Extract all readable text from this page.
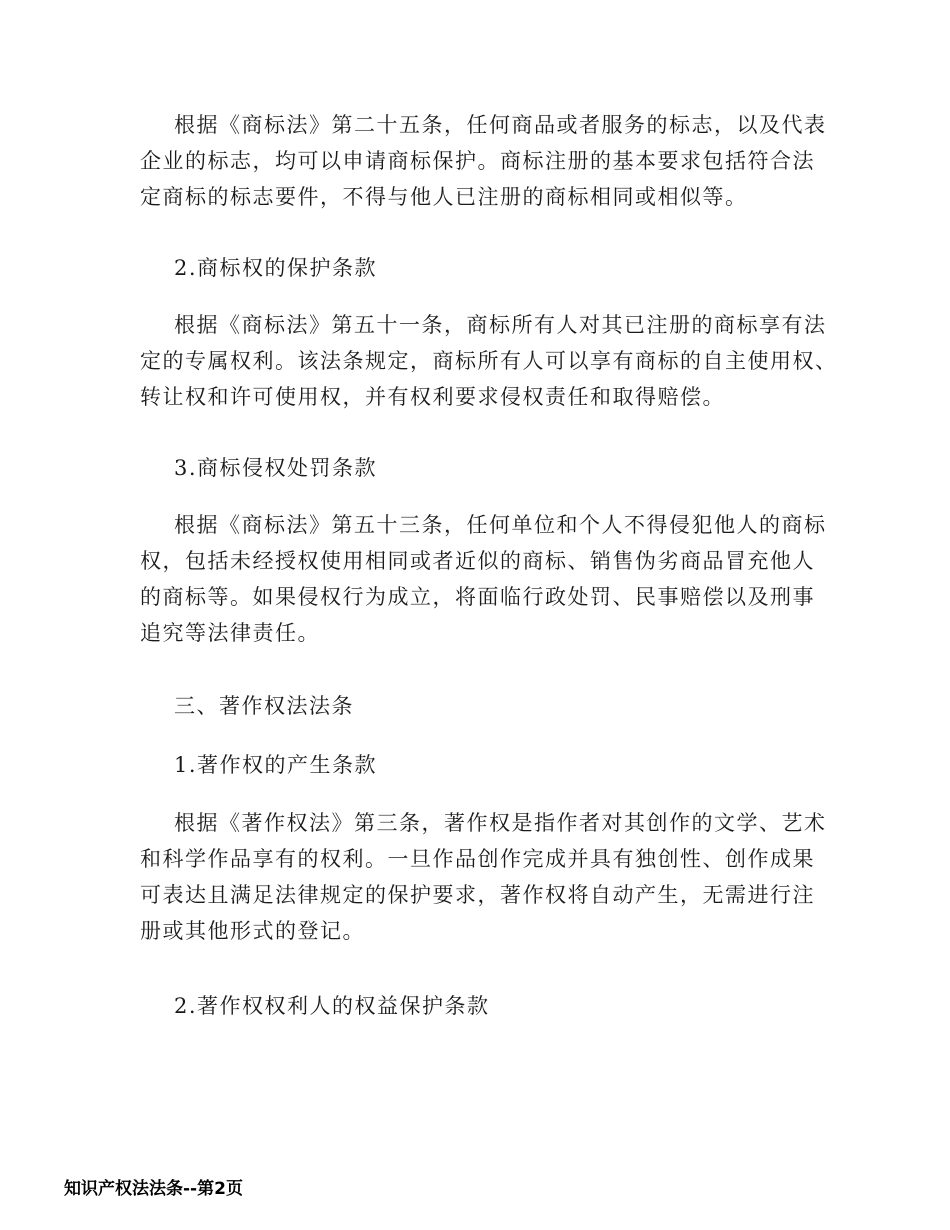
根据《商标法》第二十五条，任何商品或者服务的标志，以及代表
企业的标志，均可以申请商标保护。商标注册的基本要求包括符合法
定商标的标志要件，不得与他人已注册的商标相同或相似等。

2.商标权的保护条款

根据《商标法》第五十一条，商标所有人对其已注册的商标享有法
定的专属权利。该法条规定，商标所有人可以享有商标的自主使用权、
转让权和许可使用权，并有权利要求侵权责任和取得赔偿。

3.商标侵权处罚条款

根据《商标法》第五十三条，任何单位和个人不得侵犯他人的商标
权，包括未经授权使用相同或者近似的商标、销售伪劣商品冒充他人
的商标等。如果侵权行为成立，将面临行政处罚、民事赔偿以及刑事
追究等法律责任。

三、著作权法法条

1.著作权的产生条款

根据《著作权法》第三条，著作权是指作者对其创作的文学、艺术
和科学作品享有的权利。一旦作品创作完成并具有独创性、创作成果
可表达且满足法律规定的保护要求，著作权将自动产生，无需进行注
册或其他形式的登记。

2.著作权权利人的权益保护条款

知识产权法法条--第2页
